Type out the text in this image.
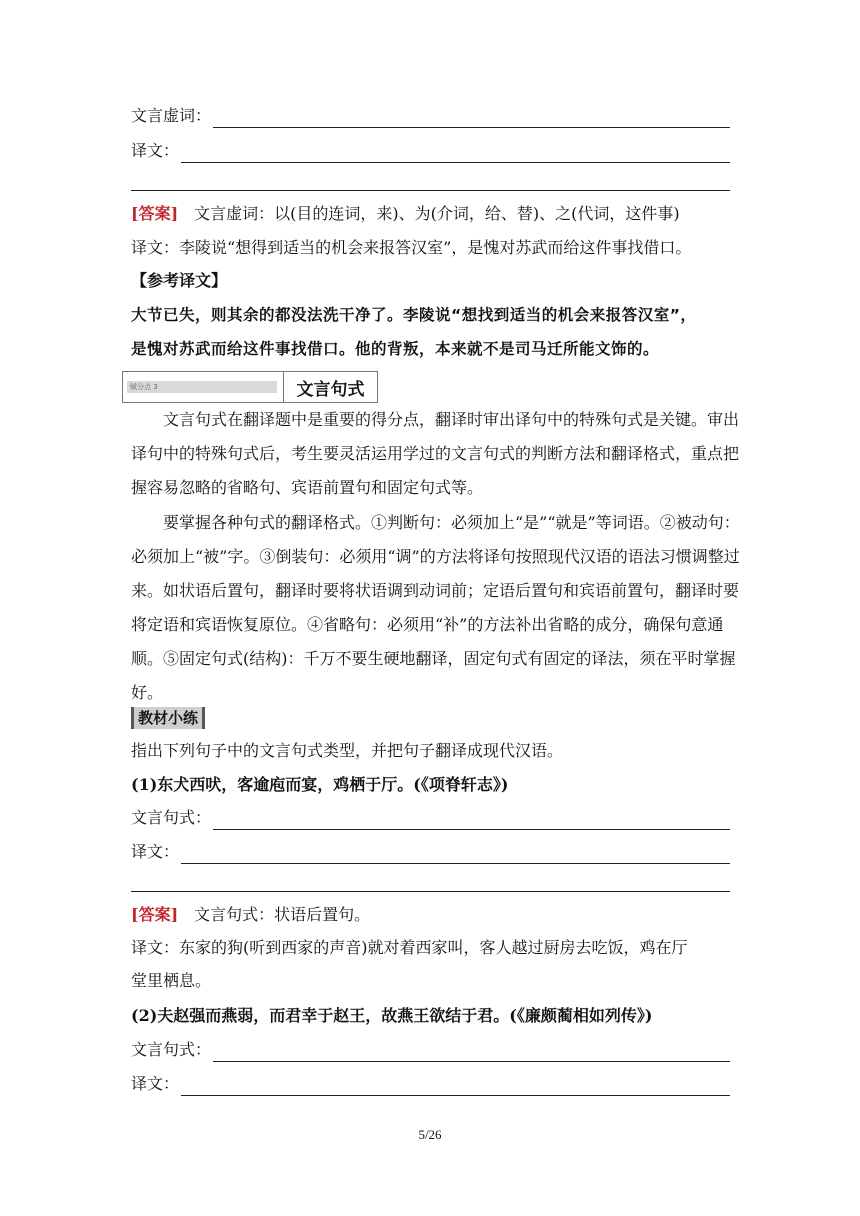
文言虚词：
译文：
[答案] 文言虚词：以(目的连词，来)、为(介词，给、替)、之(代词，这件事)
译文：李陵说“想得到适当的机会来报答汉室”，是愧对苏武而给这件事找借口。
【参考译文】
大节已失，则其余的都没法洗干净了。李陵说“想找到适当的机会来报答汉室”，
是愧对苏武而给这件事找借口。他的背叛，本来就不是司马迁所能文饰的。
赋分点 3	文言句式
文言句式在翻译题中是重要的得分点，翻译时审出译句中的特殊句式是关键。审出译句中的特殊句式后，考生要灵活运用学过的文言句式的判断方法和翻译格式，重点把握容易忽略的省略句、宾语前置句和固定句式等。
要掌握各种句式的翻译格式。①判断句：必须加上“是”“就是”等词语。②被动句：必须加上“被”字。③倒装句：必须用“调”的方法将译句按照现代汉语的语法习惯调整过来。如状语后置句，翻译时要将状语调到动词前；定语后置句和宾语前置句，翻译时要将定语和宾语恢复原位。④省略句：必须用“补”的方法补出省略的成分，确保句意通顺。⑤固定句式(结构)：千万不要生硬地翻译，固定句式有固定的译法，须在平时掌握好。
教材小练
指出下列句子中的文言句式类型，并把句子翻译成现代汉语。
(1)东犬西吠，客逾庖而宴，鸡栖于厅。(《项脊轩志》)
文言句式：
译文：
[答案] 文言句式：状语后置句。
译文：东家的狗(听到西家的声音)就对着西家叫，客人越过厨房去吃饭，鸡在厅
堂里栖息。
(2)夫赵强而燕弱，而君幸于赵王，故燕王欲结于君。(《廉颇蔺相如列传》)
文言句式：
译文：
5/26
